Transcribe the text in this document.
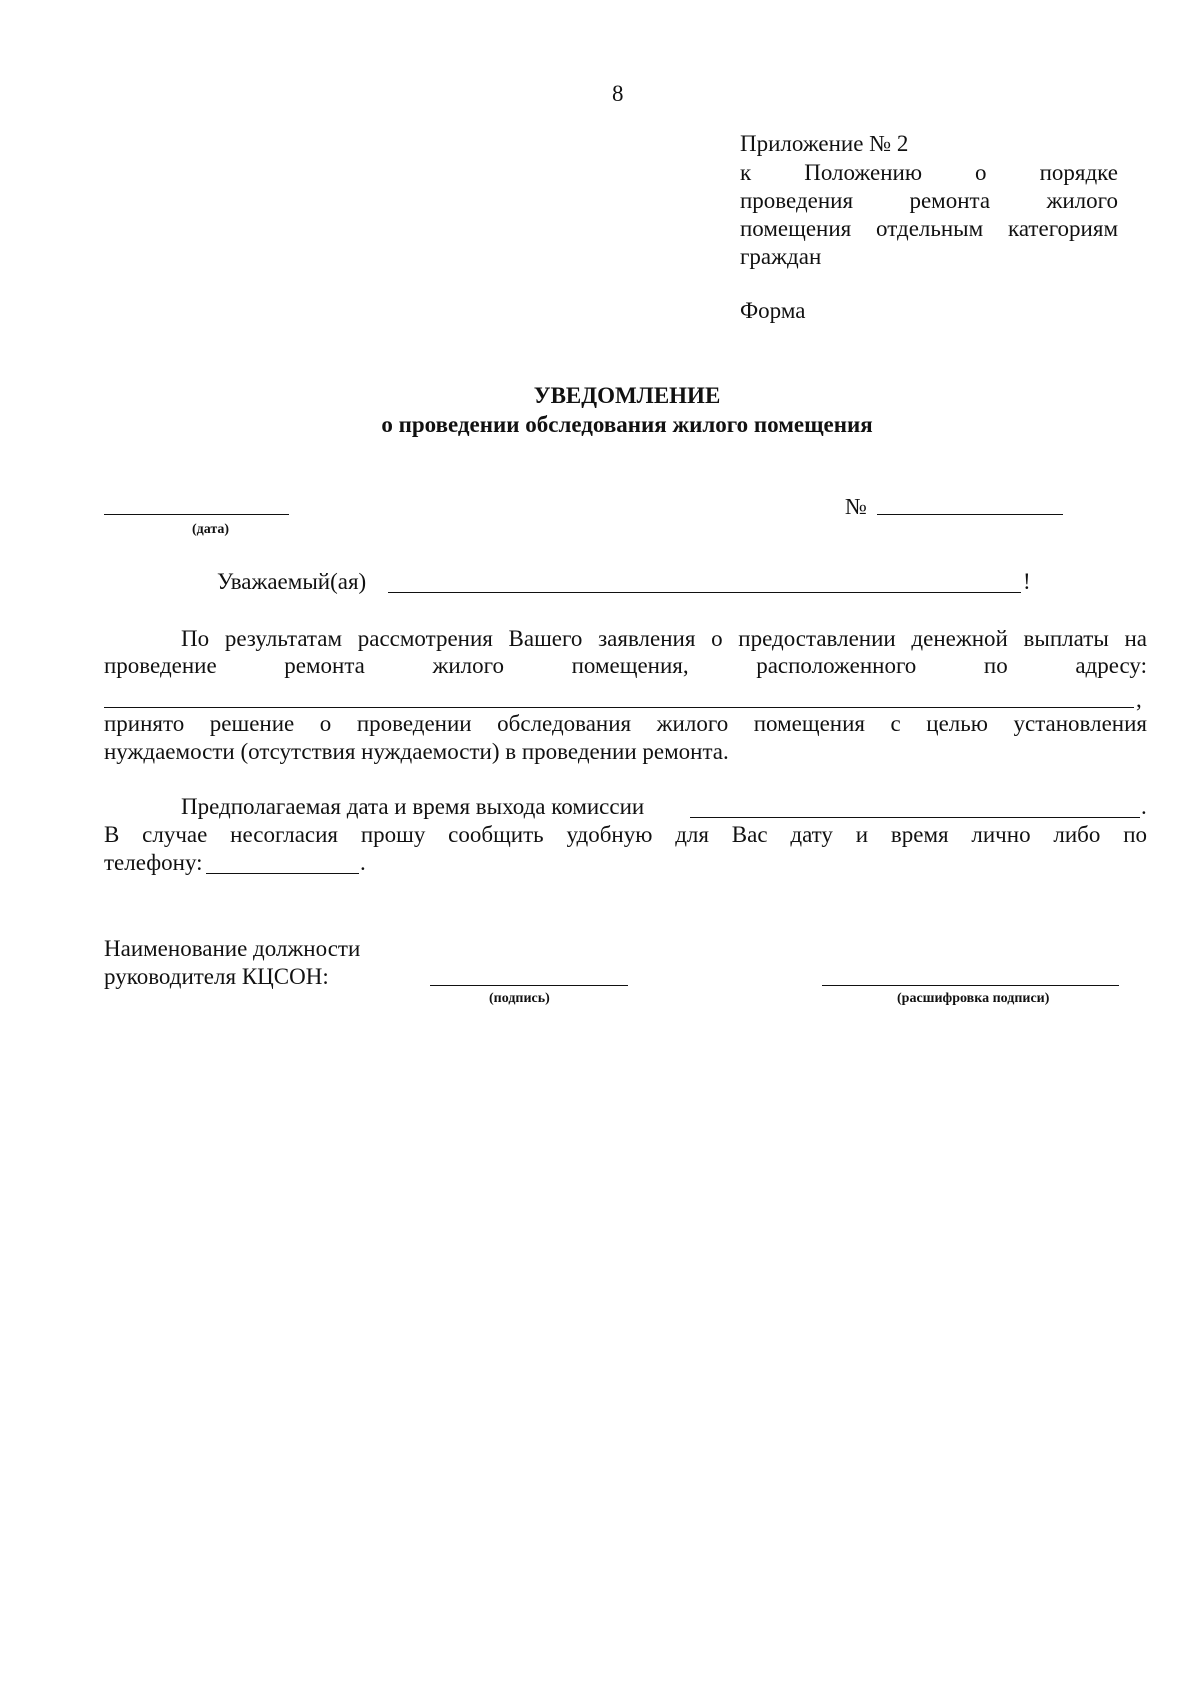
8
Приложение № 2
к Положению о порядке
проведения ремонта жилого
помещения отдельным категориям
граждан
Форма
УВЕДОМЛЕНИЕ
о проведении обследования жилого помещения
(дата)
№
Уважаемый(ая)	!
По результатам рассмотрения Вашего заявления о предоставлении денежной выплаты на
проведение ремонта жилого помещения, расположенного по адресу:
,
принято решение о проведении обследования жилого помещения с целью установления
нуждаемости (отсутствия нуждаемости) в проведении ремонта.
Предполагаемая дата и время выхода комиссии	.
В случае несогласия прошу сообщить удобную для Вас дату и время лично либо по
телефону:	.
Наименование должности
руководителя КЦСОН:
(подпись)	(расшифровка подписи)
